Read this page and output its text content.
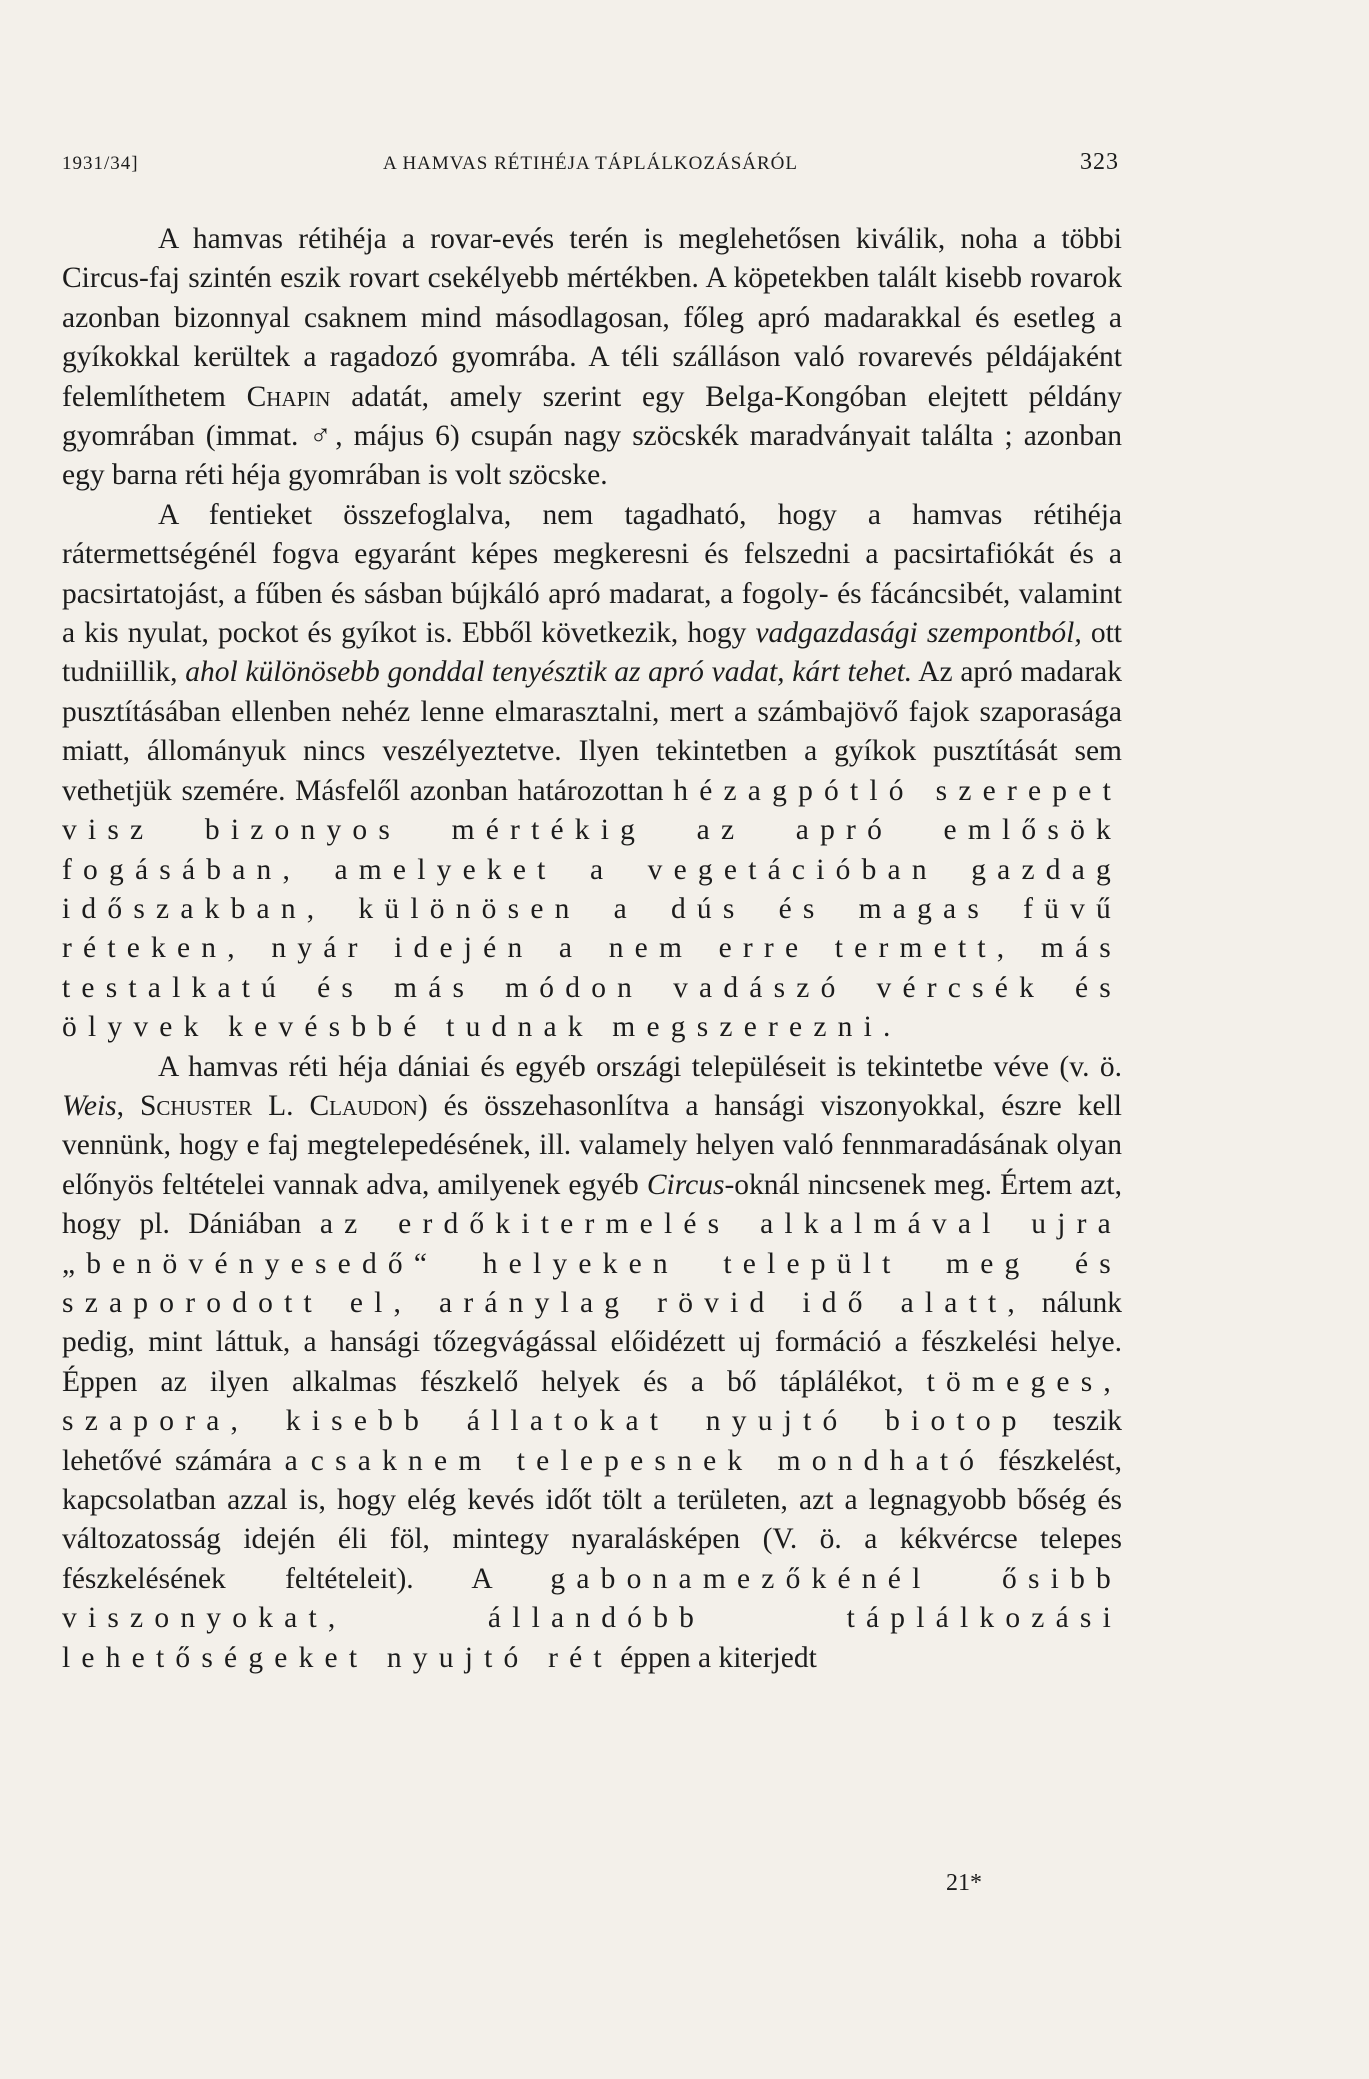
1931/34]	A HAMVAS RÉTIHÉJA TÁPLÁLKOZÁSÁRÓL	323

A hamvas rétihéja a rovar-evés terén is meglehetősen kiválik, noha a többi Circus-faj szintén eszik rovart csekélyebb mértékben. A köpetekben talált kisebb rovarok azonban bizonnyal csaknem mind másodlagosan, főleg apró madarakkal és esetleg a gyíkokkal kerültek a ragadozó gyomrába. A téli szálláson való rovarevés példájaként felemlíthetem Chapin adatát, amely szerint egy Belga-Kongóban elejtett példány gyomrában (immat. ♂, május 6) csupán nagy szöcskék maradványait találta ; azonban egy barna réti héja gyomrában is volt szöcske.

A fentieket összefoglalva, nem tagadható, hogy a hamvas rétihéja rátermettségénél fogva egyaránt képes megkeresni és felszedni a pacsirtafiókát és a pacsirtatojást, a fűben és sásban bújkáló apró madarat, a fogoly- és fácáncsibét, valamint a kis nyulat, pockot és gyíkot is. Ebből következik, hogy vadgazdasági szempontból, ott tudniillik, ahol különösebb gonddal tenyésztik az apró vadat, kárt tehet. Az apró madarak pusztításában ellenben nehéz lenne elmarasztalni, mert a számbajövő fajok szaporasága miatt, állományuk nincs veszélyeztetve. Ilyen tekintetben a gyíkok pusztítását sem vethetjük szemére. Másfelől azonban határozottan hézagpótló szerepet visz bizonyos mértékig az apró emlősök fogásában, amelyeket a vegetációban gazdag időszakban, különösen a dús és magas füvű réteken, nyár idején a nem erre termett, más testalkatú és más módon vadászó vércsék és ölyvek kevésbbé tudnak megszerezni.

A hamvas réti héja dániai és egyéb országi településeit is tekintetbe véve (v. ö. Weis, Schuster L. Claudon) és összehasonlítva a hansági viszonyokkal, észre kell vennünk, hogy e faj megtelepedésének, ill. valamely helyen való fennmaradásának olyan előnyös feltételei vannak adva, amilyenek egyéb Circus-oknál nincsenek meg. Értem azt, hogy pl. Dániában az erdőkitermelés alkalmával ujra „benövényesedő“ helyeken települt meg és szaporodott el, aránylag rövid idő alatt, nálunk pedig, mint láttuk, a hansági tőzegvágással előidézett uj formáció a fészkelési helye. Éppen az ilyen alkalmas fészkelő helyek és a bő táplálékot, tömeges, szapora, kisebb állatokat nyujtó biotop teszik lehetővé számára a csaknem telepesnek mondható fészkelést, kapcsolatban azzal is, hogy elég kevés időt tölt a területen, azt a legnagyobb bőség és változatosság idején éli föl, mintegy nyaralásképen (V. ö. a kékvércse telepes fészkelésének feltételeit). A gabonamezőkénél ősibb viszonyokat, állandóbb táplálkozási lehetőségeket nyujtó rét éppen a kiterjedt

21*
